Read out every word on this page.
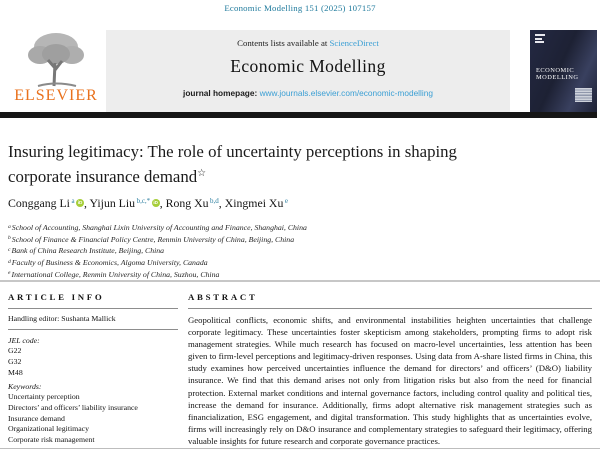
Economic Modelling 151 (2025) 107157
ELSEVIER
Contents lists available at ScienceDirect
Economic Modelling
journal homepage: www.journals.elsevier.com/economic-modelling
ECONOMIC
MODELLING
Insuring legitimacy: The role of uncertainty perceptions in shaping
corporate insurance demand☆
Conggang Li $^a$ iD , Yijun Liu $^{b,c,*}$ iD , Rong Xu $^{b,d}$, Xingmei Xu $^e$
$^a$School of Accounting, Shanghai Lixin University of Accounting and Finance, Shanghai, China
$^b$School of Finance & Financial Policy Centre, Renmin University of China, Beijing, China
$^c$Bank of China Research Institute, Beijing, China
$^d$Faculty of Business & Economics, Algoma University, Canada
$^e$International College, Renmin University of China, Suzhou, China
ARTICLE INFO
Handling editor: Sushanta Mallick
JEL code:
G22
G32
M48
Keywords:
Uncertainty perception
Directors’ and officers’ liability insurance
Insurance demand
Organizational legitimacy
Corporate risk management
ABSTRACT
Geopolitical conflicts, economic shifts, and environmental instabilities heighten uncertainties that challenge corporate legitimacy. These uncertainties foster skepticism among stakeholders, prompting firms to adopt risk management strategies. While much research has focused on macro-level uncertainties, less attention has been given to firm-level perceptions and legitimacy-driven responses. Using data from A-share listed firms in China, this study examines how perceived uncertainties influence the demand for directors’ and officers’ (D&O) liability insurance. We find that this demand arises not only from litigation risks but also from the need for financial protection. External market conditions and internal governance factors, including control quality and political ties, increase the demand for insurance. Additionally, firms adopt alternative risk management strategies such as financialization, ESG engagement, and digital transformation. This study highlights that as uncertainties evolve, firms will increasingly rely on D&O insurance and complementary strategies to safeguard their legitimacy, offering valuable insights for future research and corporate governance practices.
